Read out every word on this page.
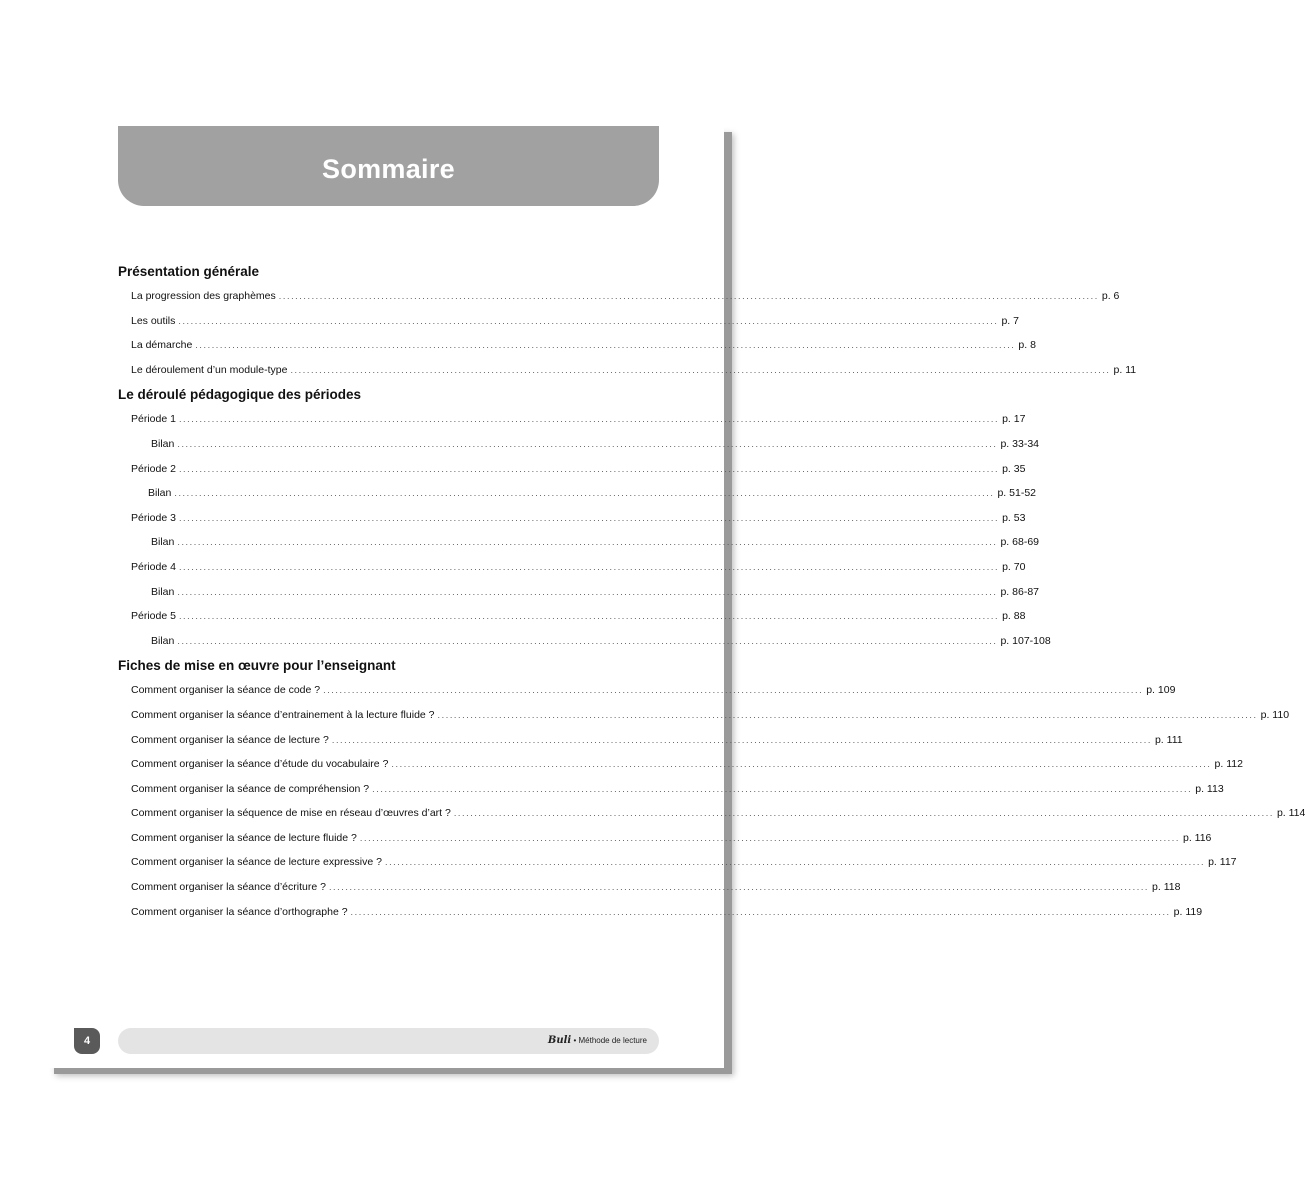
Sommaire
Présentation générale
La progression des graphèmes ........................................................................................................................................................................................................ p. 6
Les outils ........................................................................................................................................................................................................ p. 7
La démarche ........................................................................................................................................................................................................ p. 8
Le déroulement d’un module-type ........................................................................................................................................................................................................ p. 11
Le déroulé pédagogique des périodes
Période 1 ........................................................................................................................................................................................................ p. 17
Bilan ........................................................................................................................................................................................................ p. 33-34
Période 2 ........................................................................................................................................................................................................ p. 35
Bilan ........................................................................................................................................................................................................ p. 51-52
Période 3 ........................................................................................................................................................................................................ p. 53
Bilan ........................................................................................................................................................................................................ p. 68-69
Période 4 ........................................................................................................................................................................................................ p. 70
Bilan ........................................................................................................................................................................................................ p. 86-87
Période 5 ........................................................................................................................................................................................................ p. 88
Bilan ........................................................................................................................................................................................................ p. 107-108
Fiches de mise en œuvre pour l’enseignant
Comment organiser la séance de code ? ........................................................................................................................................................................................................ p. 109
Comment organiser la séance d’entrainement à la lecture fluide ? ........................................................................................................................................................................................................ p. 110
Comment organiser la séance de lecture ? ........................................................................................................................................................................................................ p. 111
Comment organiser la séance d’étude du vocabulaire ? ........................................................................................................................................................................................................ p. 112
Comment organiser la séance de compréhension ? ........................................................................................................................................................................................................ p. 113
Comment organiser la séquence de mise en réseau d’œuvres d’art ? ........................................................................................................................................................................................................ p. 114
Comment organiser la séance de lecture fluide ? ........................................................................................................................................................................................................ p. 116
Comment organiser la séance de lecture expressive ? ........................................................................................................................................................................................................ p. 117
Comment organiser la séance d’écriture ? ........................................................................................................................................................................................................ p. 118
Comment organiser la séance d’orthographe ? ........................................................................................................................................................................................................ p. 119
4	Buli • Méthode de lecture
